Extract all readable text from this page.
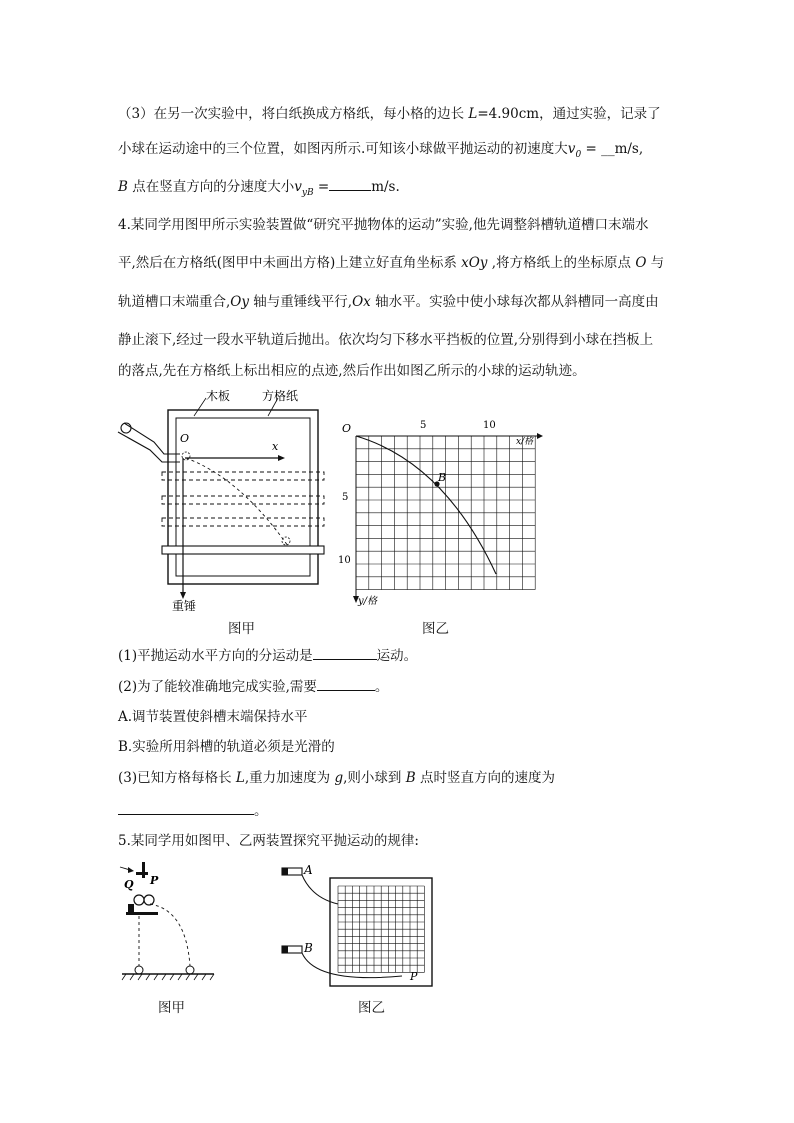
（3）在另一次实验中，将白纸换成方格纸，每小格的边长 L=4.90cm，通过实验，记录了
小球在运动途中的三个位置，如图丙所示.可知该小球做平抛运动的初速度大$v_0$ = __m/s,
B 点在竖直方向的分速度大小$v_{yB}$ =	m/s.
4.某同学用图甲所示实验装置做“研究平抛物体的运动”实验,他先调整斜槽轨道槽口末端水
平,然后在方格纸(图甲中未画出方格)上建立好直角坐标系 xOy ,将方格纸上的坐标原点 O 与
轨道槽口末端重合,Oy 轴与重锤线平行,Ox 轴水平。实验中使小球每次都从斜槽同一高度由
静止滚下,经过一段水平轨道后抛出。依次均匀下移水平挡板的位置,分别得到小球在挡板上
的落点,先在方格纸上标出相应的点迹,然后作出如图乙所示的小球的运动轨迹。
木板	方格纸
O
x
重锤
图甲
B
O	5	10
x/格
5
10
y/格
图乙
(1)平抛运动水平方向的分运动是	运动。
(2)为了能较准确地完成实验,需要	。
A.调节装置使斜槽末端保持水平
B.实验所用斜槽的轨道必须是光滑的
(3)已知方格每格长 L,重力加速度为 g,则小球到 B 点时竖直方向的速度为
。
5.某同学用如图甲、乙两装置探究平抛运动的规律:
Q P
图甲
A
B
P
图乙
